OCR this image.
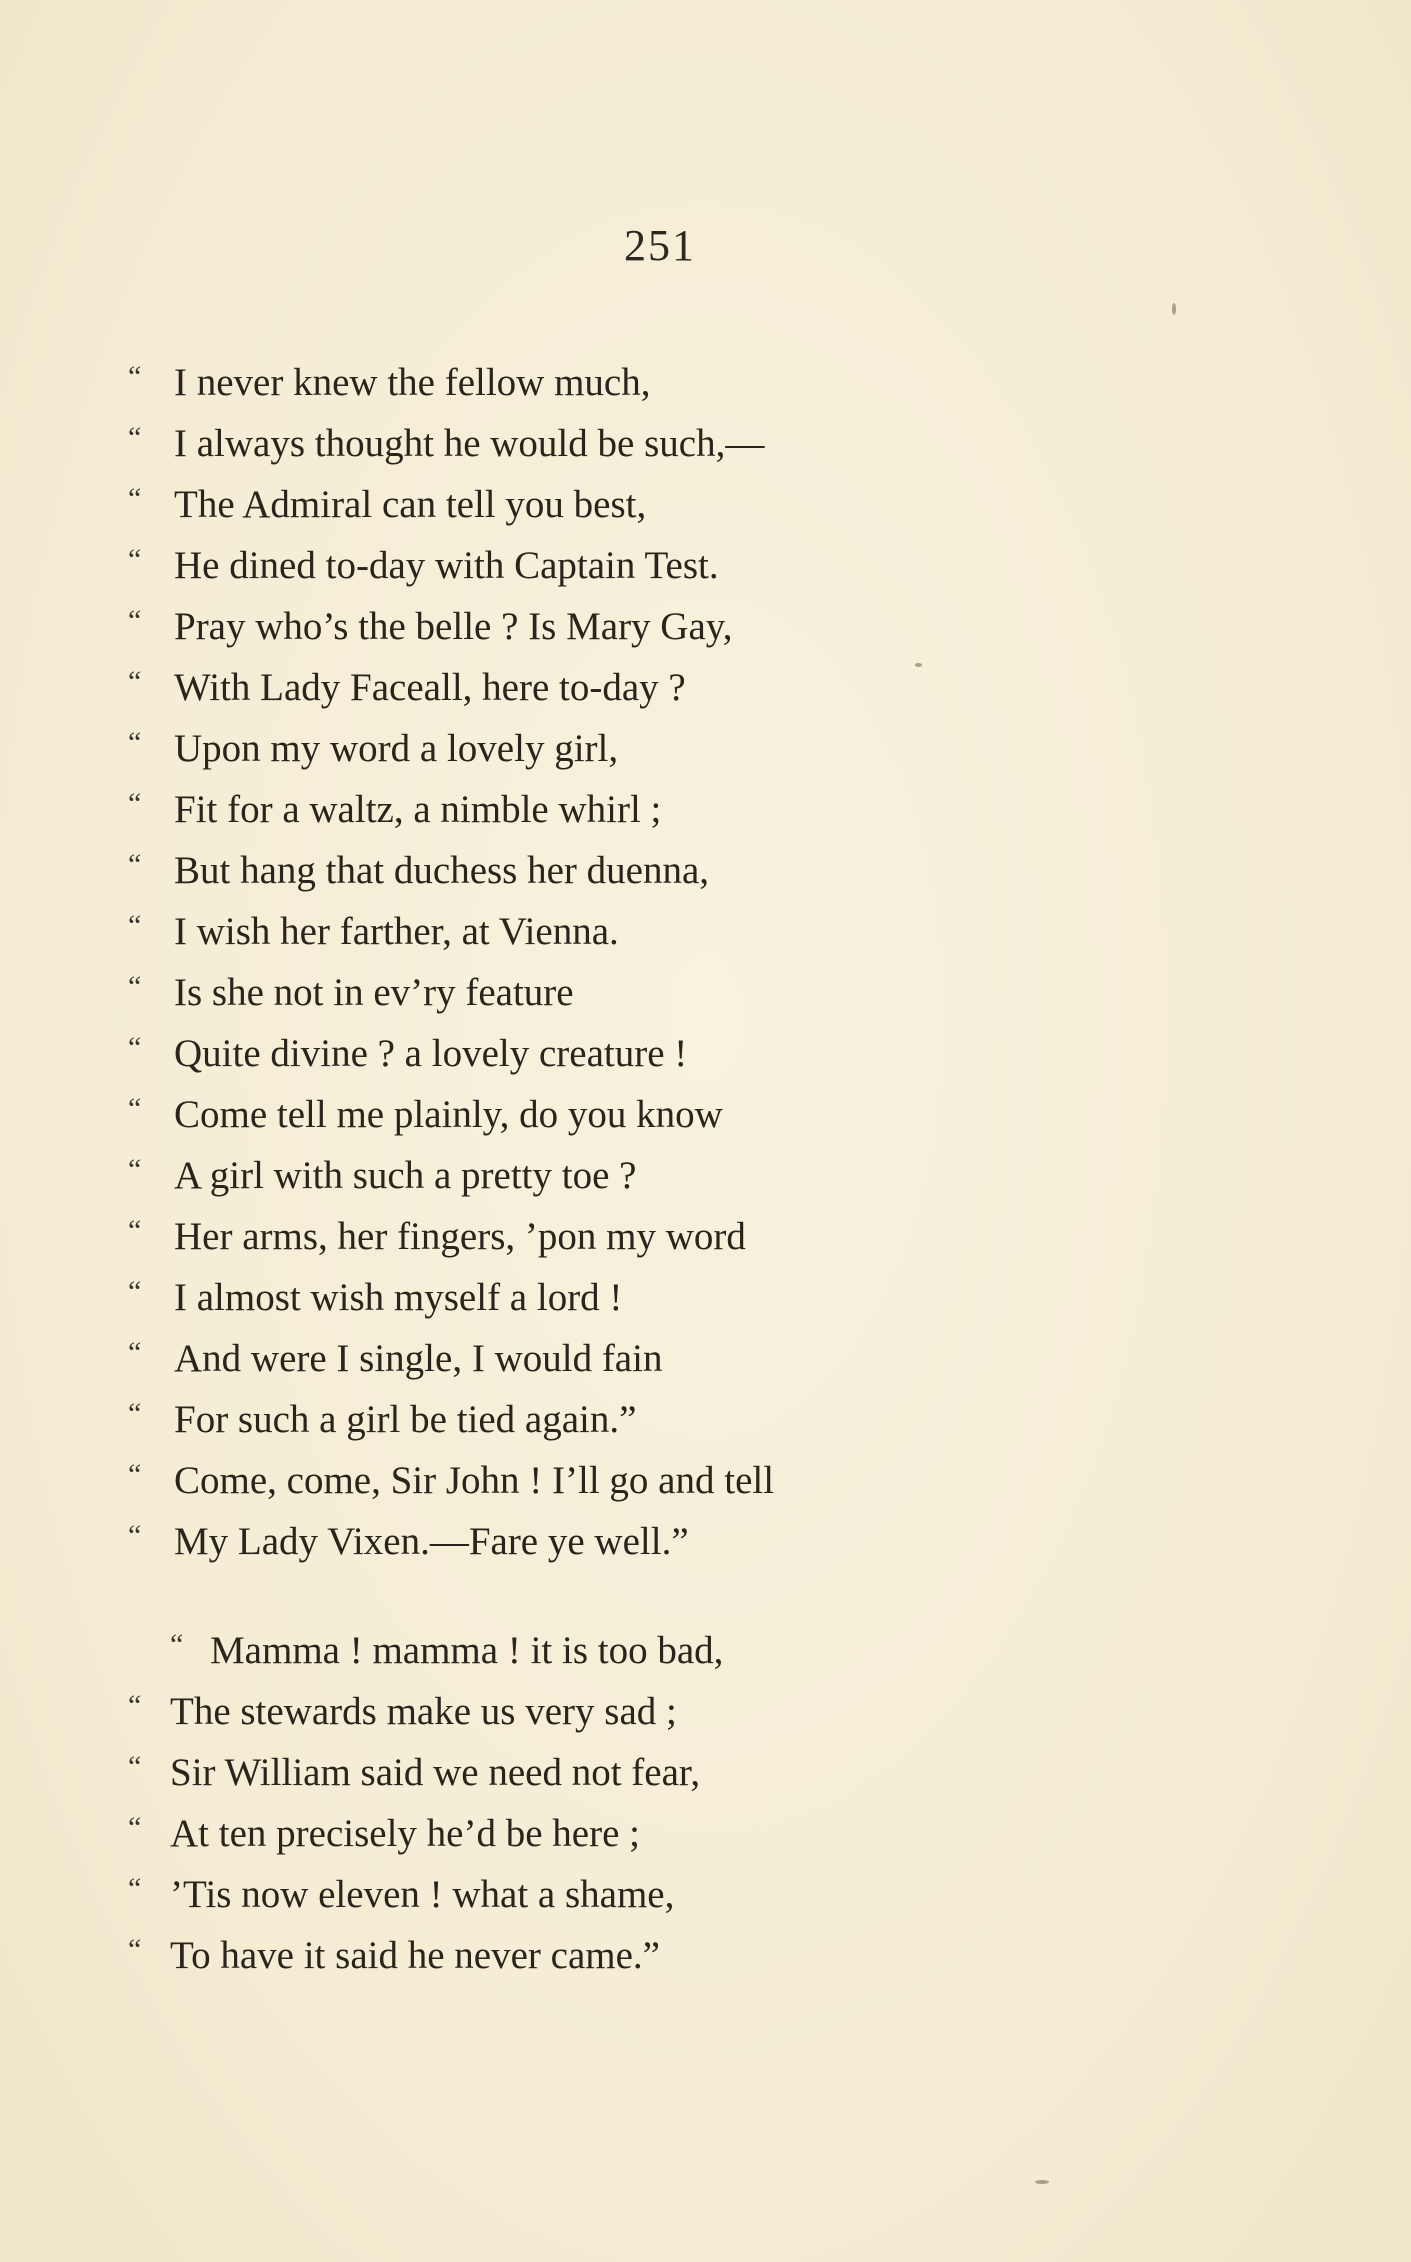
251
“ I never knew the fellow much,
“ I always thought he would be such,—
“ The Admiral can tell you best,
“ He dined to-day with Captain Test.
“ Pray who’s the belle ? Is Mary Gay,
“ With Lady Faceall, here to-day ?
“ Upon my word a lovely girl,
“ Fit for a waltz, a nimble whirl ;
“ But hang that duchess her duenna,
“ I wish her farther, at Vienna.
“ Is she not in ev’ry feature
“ Quite divine ? a lovely creature !
“ Come tell me plainly, do you know
“ A girl with such a pretty toe ?
“ Her arms, her fingers, ’pon my word
“ I almost wish myself a lord !
“ And were I single, I would fain
“ For such a girl be tied again.”
“ Come, come, Sir John ! I’ll go and tell
“ My Lady Vixen.—Fare ye well.”
“ Mamma ! mamma ! it is too bad,
“ The stewards make us very sad ;
“ Sir William said we need not fear,
“ At ten precisely he’d be here ;
“ ’Tis now eleven ! what a shame,
“ To have it said he never came.”
